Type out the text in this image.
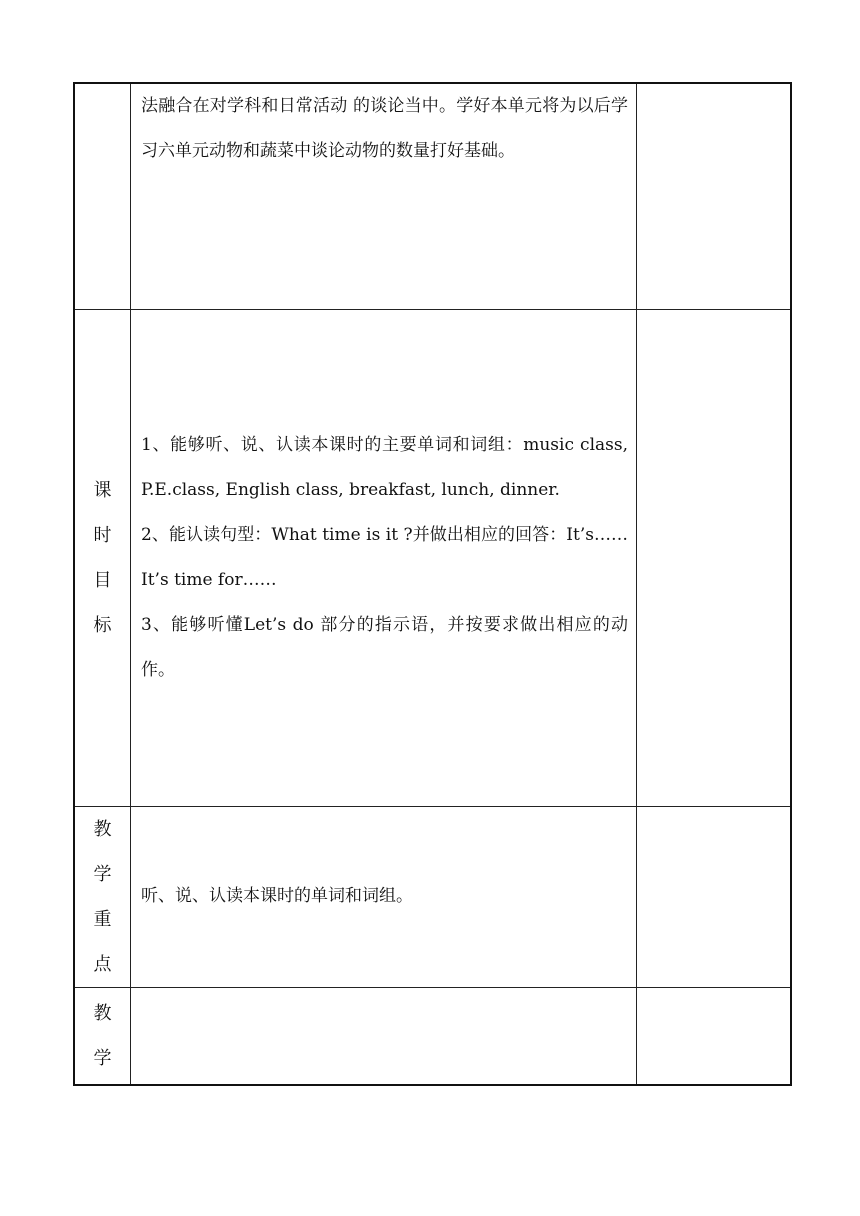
	法融合在对学科和日常活动 的谈论当中。学好本单元将为以后学习六单元动物和蔬菜中谈论动物的数量打好基础。	

课时目标	1、能够听、说、认读本课时的主要单词和词组：music class, P.E.class, English class, breakfast, lunch, dinner.

2、能认读句型：What time is it ?并做出相应的回答：It’s…… It’s time for……

3、能够听懂Let’s do 部分的指示语，并按要求做出相应的动作。	

教学重点	听、说、认读本课时的单词和词组。	

教学		
